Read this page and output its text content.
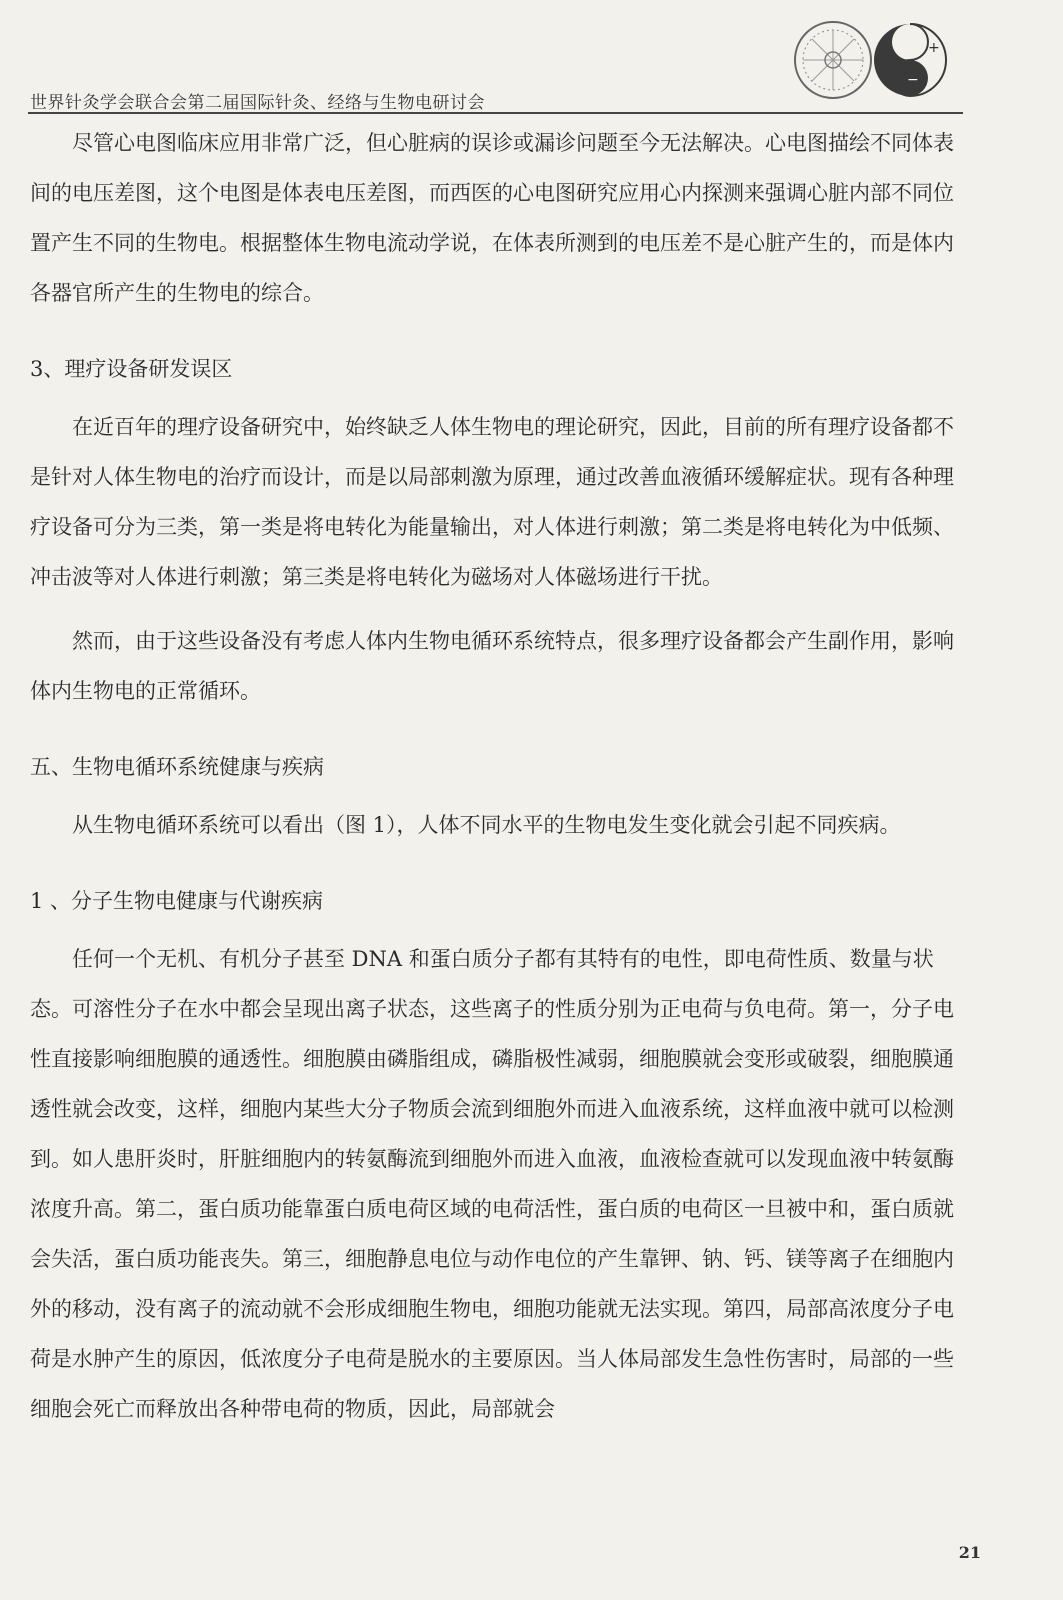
+
−
世界针灸学会联合会第二届国际针灸、经络与生物电研讨会

尽管心电图临床应用非常广泛，但心脏病的误诊或漏诊问题至今无法解决。心电图描绘不同体表间的电压差图，这个电图是体表电压差图，而西医的心电图研究应用心内探测来强调心脏内部不同位置产生不同的生物电。根据整体生物电流动学说，在体表所测到的电压差不是心脏产生的，而是体内各器官所产生的生物电的综合。

3、理疗设备研发误区

在近百年的理疗设备研究中，始终缺乏人体生物电的理论研究，因此，目前的所有理疗设备都不是针对人体生物电的治疗而设计，而是以局部刺激为原理，通过改善血液循环缓解症状。现有各种理疗设备可分为三类，第一类是将电转化为能量输出，对人体进行刺激；第二类是将电转化为中低频、冲击波等对人体进行刺激；第三类是将电转化为磁场对人体磁场进行干扰。

然而，由于这些设备没有考虑人体内生物电循环系统特点，很多理疗设备都会产生副作用，影响体内生物电的正常循环。

五、生物电循环系统健康与疾病

从生物电循环系统可以看出（图 1），人体不同水平的生物电发生变化就会引起不同疾病。

1 、分子生物电健康与代谢疾病

任何一个无机、有机分子甚至 DNA 和蛋白质分子都有其特有的电性，即电荷性质、数量与状态。可溶性分子在水中都会呈现出离子状态，这些离子的性质分别为正电荷与负电荷。第一，分子电性直接影响细胞膜的通透性。细胞膜由磷脂组成，磷脂极性减弱，细胞膜就会变形或破裂，细胞膜通透性就会改变，这样，细胞内某些大分子物质会流到细胞外而进入血液系统，这样血液中就可以检测到。如人患肝炎时，肝脏细胞内的转氨酶流到细胞外而进入血液，血液检查就可以发现血液中转氨酶浓度升高。第二，蛋白质功能靠蛋白质电荷区域的电荷活性，蛋白质的电荷区一旦被中和，蛋白质就会失活，蛋白质功能丧失。第三，细胞静息电位与动作电位的产生靠钾、钠、钙、镁等离子在细胞内外的移动，没有离子的流动就不会形成细胞生物电，细胞功能就无法实现。第四，局部高浓度分子电荷是水肿产生的原因，低浓度分子电荷是脱水的主要原因。当人体局部发生急性伤害时，局部的一些细胞会死亡而释放出各种带电荷的物质，因此，局部就会

21
